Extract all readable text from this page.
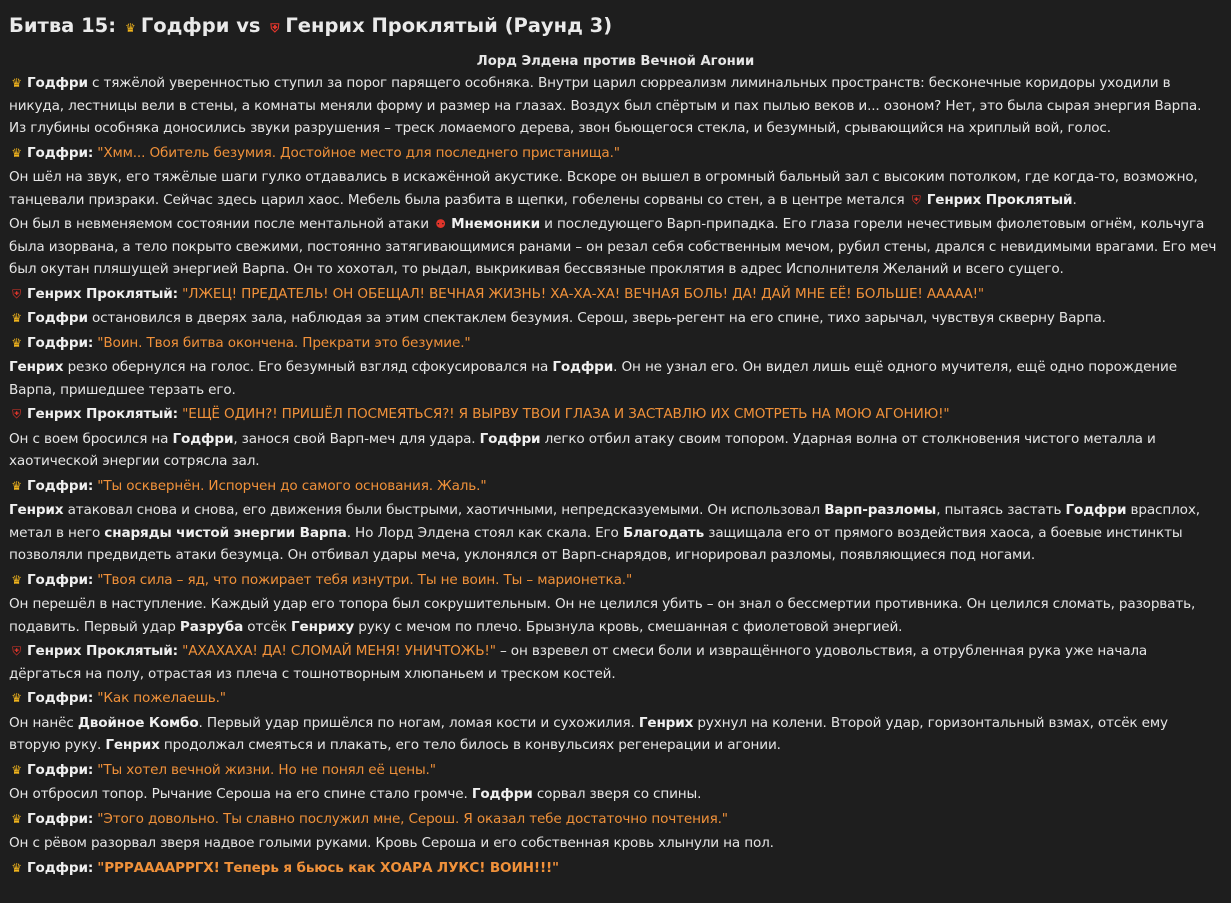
Битва 15: ♛ Годфри vs ⛨ Генрих Проклятый (Раунд 3)
Лорд Элдена против Вечной Агонии
♛ Годфри с тяжёлой уверенностью ступил за порог парящего особняка. Внутри царил сюрреализм лиминальных пространств: бесконечные коридоры уходили в никуда, лестницы вели в стены, а комнаты меняли форму и размер на глазах. Воздух был спёртым и пах пылью веков и... озоном? Нет, это была сырая энергия Варпа. Из глубины особняка доносились звуки разрушения – треск ломаемого дерева, звон бьющегося стекла, и безумный, срывающийся на хриплый вой, голос.
♛ Годфри: "Хмм... Обитель безумия. Достойное место для последнего пристанища."
Он шёл на звук, его тяжёлые шаги гулко отдавались в искажённой акустике. Вскоре он вышел в огромный бальный зал с высоким потолком, где когда-то, возможно, танцевали призраки. Сейчас здесь царил хаос. Мебель была разбита в щепки, гобелены сорваны со стен, а в центре метался ⛨ Генрих Проклятый.
Он был в невменяемом состоянии после ментальной атаки ⚉ Мнемоники и последующего Варп-припадка. Его глаза горели нечестивым фиолетовым огнём, кольчуга была изорвана, а тело покрыто свежими, постоянно затягивающимися ранами – он резал себя собственным мечом, рубил стены, дрался с невидимыми врагами. Его меч был окутан пляшущей энергией Варпа. Он то хохотал, то рыдал, выкрикивая бессвязные проклятия в адрес Исполнителя Желаний и всего сущего.
⛨ Генрих Проклятый: "ЛЖЕЦ! ПРЕДАТЕЛЬ! ОН ОБЕЩАЛ! ВЕЧНАЯ ЖИЗНЬ! ХА-ХА-ХА! ВЕЧНАЯ БОЛЬ! ДА! ДАЙ МНЕ ЕЁ! БОЛЬШЕ! ААААА!"
♛ Годфри остановился в дверях зала, наблюдая за этим спектаклем безумия. Серош, зверь-регент на его спине, тихо зарычал, чувствуя скверну Варпа.
♛ Годфри: "Воин. Твоя битва окончена. Прекрати это безумие."
Генрих резко обернулся на голос. Его безумный взгляд сфокусировался на Годфри. Он не узнал его. Он видел лишь ещё одного мучителя, ещё одно порождение Варпа, пришедшее терзать его.
⛨ Генрих Проклятый: "ЕЩЁ ОДИН?! ПРИШЁЛ ПОСМЕЯТЬСЯ?! Я ВЫРВУ ТВОИ ГЛАЗА И ЗАСТАВЛЮ ИХ СМОТРЕТЬ НА МОЮ АГОНИЮ!"
Он с воем бросился на Годфри, занося свой Варп-меч для удара. Годфри легко отбил атаку своим топором. Ударная волна от столкновения чистого металла и хаотической энергии сотрясла зал.
♛ Годфри: "Ты осквернён. Испорчен до самого основания. Жаль."
Генрих атаковал снова и снова, его движения были быстрыми, хаотичными, непредсказуемыми. Он использовал Варп-разломы, пытаясь застать Годфри врасплох, метал в него снаряды чистой энергии Варпа. Но Лорд Элдена стоял как скала. Его Благодать защищала его от прямого воздействия хаоса, а боевые инстинкты позволяли предвидеть атаки безумца. Он отбивал удары меча, уклонялся от Варп-снарядов, игнорировал разломы, появляющиеся под ногами.
♛ Годфри: "Твоя сила – яд, что пожирает тебя изнутри. Ты не воин. Ты – марионетка."
Он перешёл в наступление. Каждый удар его топора был сокрушительным. Он не целился убить – он знал о бессмертии противника. Он целился сломать, разорвать, подавить. Первый удар Разруба отсёк Генриху руку с мечом по плечо. Брызнула кровь, смешанная с фиолетовой энергией.
⛨ Генрих Проклятый: "АХАХАХА! ДА! СЛОМАЙ МЕНЯ! УНИЧТОЖЬ!" – он взревел от смеси боли и извращённого удовольствия, а отрубленная рука уже начала дёргаться на полу, отрастая из плеча с тошнотворным хлюпаньем и треском костей.
♛ Годфри: "Как пожелаешь."
Он нанёс Двойное Комбо. Первый удар пришёлся по ногам, ломая кости и сухожилия. Генрих рухнул на колени. Второй удар, горизонтальный взмах, отсёк ему вторую руку. Генрих продолжал смеяться и плакать, его тело билось в конвульсиях регенерации и агонии.
♛ Годфри: "Ты хотел вечной жизни. Но не понял её цены."
Он отбросил топор. Рычание Сероша на его спине стало громче. Годфри сорвал зверя со спины.
♛ Годфри: "Этого довольно. Ты славно послужил мне, Серош. Я оказал тебе достаточно почтения."
Он с рёвом разорвал зверя надвое голыми руками. Кровь Сероша и его собственная кровь хлынули на пол.
♛ Годфри: "РРРААААРРГХ! Теперь я бьюсь как ХОАРА ЛУКС! ВОИН!!!"
